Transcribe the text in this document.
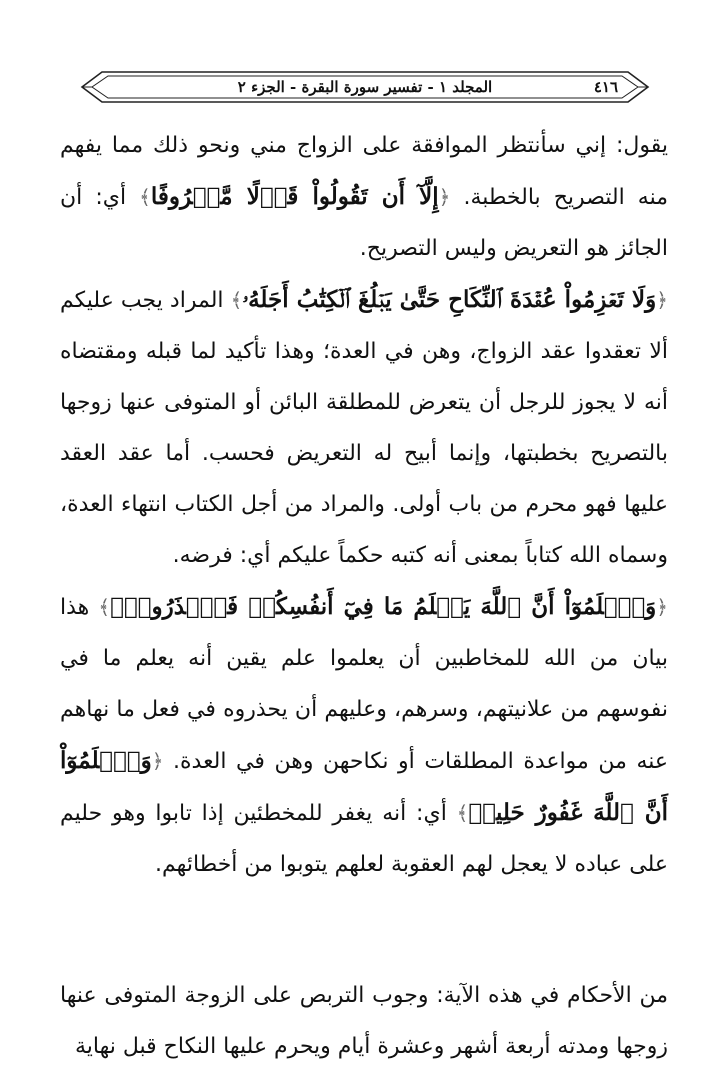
٤١٦
المجلد ١ - تفسير سورة البقرة - الجزء ٢

يقول: إني سأنتظر الموافقة على الزواج مني ونحو ذلك مما يفهم منه التصريح بالخطبة. ﴿إِلَّآ أَن تَقُولُواْ قَوۡلًا مَّعۡرُوفًا﴾ أي: أن الجائز هو التعريض وليس التصريح.

﴿وَلَا تَعۡزِمُواْ عُقۡدَةَ ٱلنِّكَاحِ حَتَّىٰ يَبۡلُغَ ٱلۡكِتَٰبُ أَجَلَهُۥ﴾ المراد يجب عليكم ألا تعقدوا عقد الزواج، وهن في العدة؛ وهذا تأكيد لما قبله ومقتضاه أنه لا يجوز للرجل أن يتعرض للمطلقة البائن أو المتوفى عنها زوجها بالتصريح بخطبتها، وإنما أبيح له التعريض فحسب. أما عقد العقد عليها فهو محرم من باب أولى. والمراد من أجل الكتاب انتهاء العدة، وسماه الله كتاباً بمعنى أنه كتبه حكماً عليكم أي: فرضه.

﴿وَٱعۡلَمُوٓاْ أَنَّ ٱللَّهَ يَعۡلَمُ مَا فِيٓ أَنفُسِكُمۡ فَٱحۡذَرُوهُۚ﴾ هذا بيان من الله للمخاطبين أن يعلموا علم يقين أنه يعلم ما في نفوسهم من علانيتهم، وسرهم، وعليهم أن يحذروه في فعل ما نهاهم عنه من مواعدة المطلقات أو نكاحهن وهن في العدة. ﴿وَٱعۡلَمُوٓاْ أَنَّ ٱللَّهَ غَفُورٌ حَلِيمٞ﴾ أي: أنه يغفر للمخطئين إذا تابوا وهو حليم على عباده لا يعجل لهم العقوبة لعلهم يتوبوا من أخطائهم.

من الأحكام في هذه الآية: وجوب التربص على الزوجة المتوفى عنها زوجها ومدته أربعة أشهر وعشرة أيام ويحرم عليها النكاح قبل نهاية
